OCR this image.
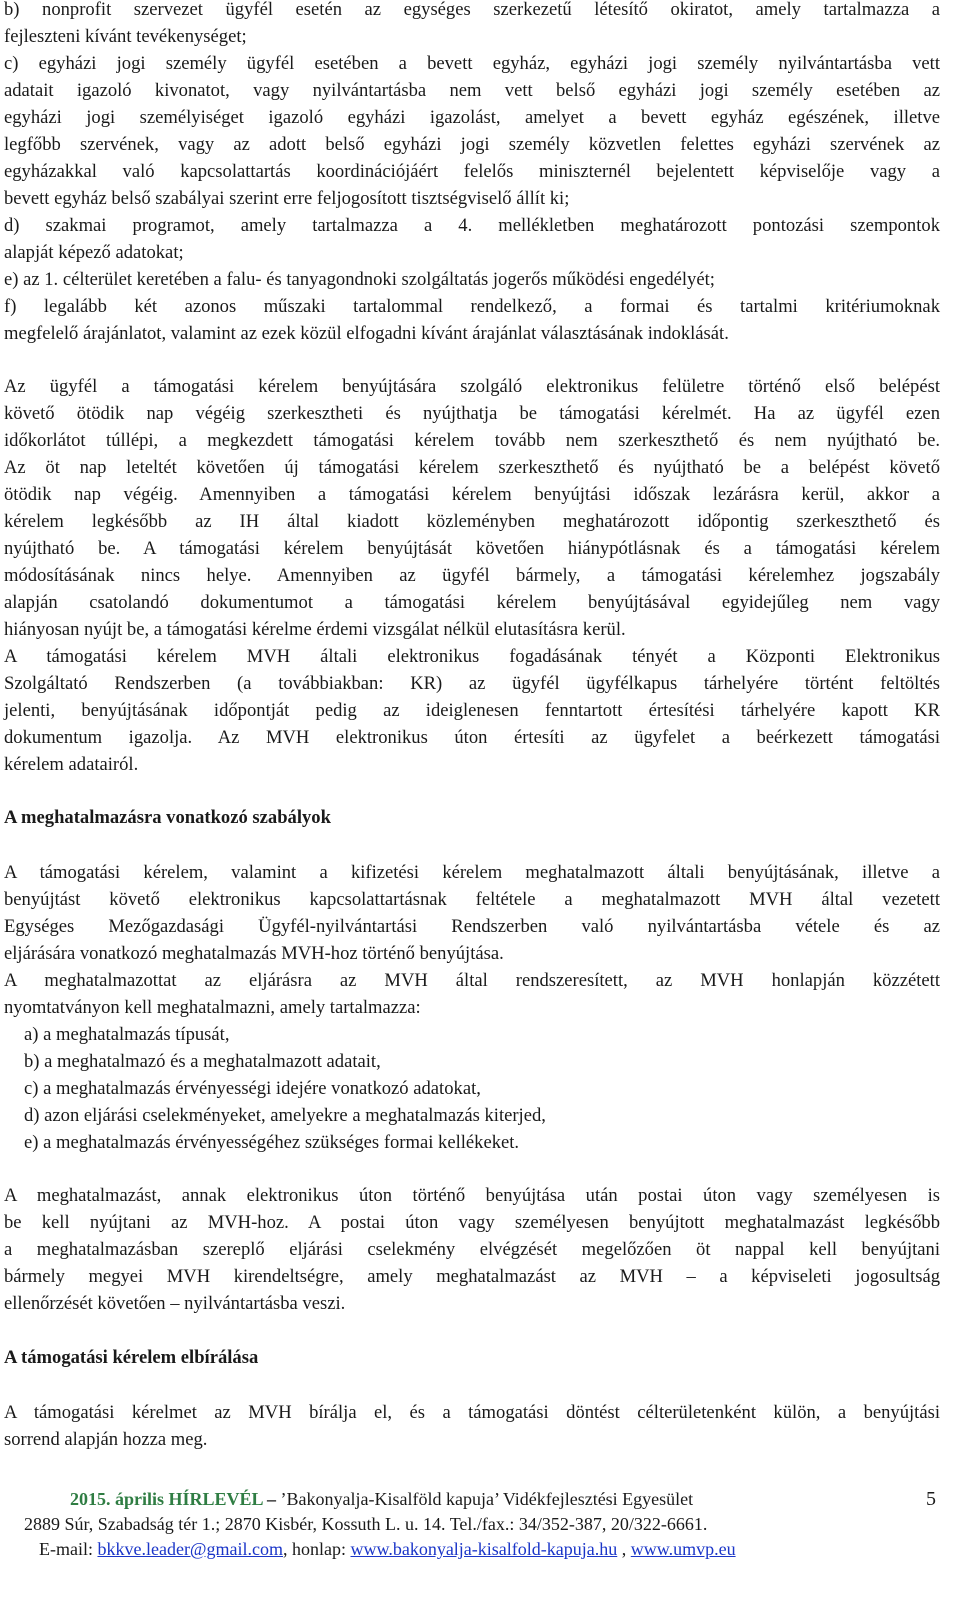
b) nonprofit szervezet ügyfél esetén az egységes szerkezetű létesítő okiratot, amely tartalmazza a
fejleszteni kívánt tevékenységet;
c) egyházi jogi személy ügyfél esetében a bevett egyház, egyházi jogi személy nyilvántartásba vett
adatait igazoló kivonatot, vagy nyilvántartásba nem vett belső egyházi jogi személy esetében az
egyházi jogi személyiséget igazoló egyházi igazolást, amelyet a bevett egyház egészének, illetve
legfőbb szervének, vagy az adott belső egyházi jogi személy közvetlen felettes egyházi szervének az
egyházakkal való kapcsolattartás koordinációjáért felelős miniszternél bejelentett képviselője vagy a
bevett egyház belső szabályai szerint erre feljogosított tisztségviselő állít ki;
d) szakmai programot, amely tartalmazza a 4. mellékletben meghatározott pontozási szempontok
alapját képező adatokat;
e) az 1. célterület keretében a falu- és tanyagondnoki szolgáltatás jogerős működési engedélyét;
f) legalább két azonos műszaki tartalommal rendelkező, a formai és tartalmi kritériumoknak
megfelelő árajánlatot, valamint az ezek közül elfogadni kívánt árajánlat választásának indoklását.
Az ügyfél a támogatási kérelem benyújtására szolgáló elektronikus felületre történő első belépést
követő ötödik nap végéig szerkesztheti és nyújthatja be támogatási kérelmét. Ha az ügyfél ezen
időkorlátot túllépi, a megkezdett támogatási kérelem tovább nem szerkeszthető és nem nyújtható be.
Az öt nap leteltét követően új támogatási kérelem szerkeszthető és nyújtható be a belépést követő
ötödik nap végéig. Amennyiben a támogatási kérelem benyújtási időszak lezárásra kerül, akkor a
kérelem legkésőbb az IH által kiadott közleményben meghatározott időpontig szerkeszthető és
nyújtható be. A támogatási kérelem benyújtását követően hiánypótlásnak és a támogatási kérelem
módosításának nincs helye. Amennyiben az ügyfél bármely, a támogatási kérelemhez jogszabály
alapján csatolandó dokumentumot a támogatási kérelem benyújtásával egyidejűleg nem vagy
hiányosan nyújt be, a támogatási kérelme érdemi vizsgálat nélkül elutasításra kerül.
A támogatási kérelem MVH általi elektronikus fogadásának tényét a Központi Elektronikus
Szolgáltató Rendszerben (a továbbiakban: KR) az ügyfél ügyfélkapus tárhelyére történt feltöltés
jelenti, benyújtásának időpontját pedig az ideiglenesen fenntartott értesítési tárhelyére kapott KR
dokumentum igazolja. Az MVH elektronikus úton értesíti az ügyfelet a beérkezett támogatási
kérelem adatairól.
A meghatalmazásra vonatkozó szabályok
A támogatási kérelem, valamint a kifizetési kérelem meghatalmazott általi benyújtásának, illetve a
benyújtást követő elektronikus kapcsolattartásnak feltétele a meghatalmazott MVH által vezetett
Egységes Mezőgazdasági Ügyfél-nyilvántartási Rendszerben való nyilvántartásba vétele és az
eljárására vonatkozó meghatalmazás MVH-hoz történő benyújtása.
A meghatalmazottat az eljárásra az MVH által rendszeresített, az MVH honlapján közzétett
nyomtatványon kell meghatalmazni, amely tartalmazza:
a) a meghatalmazás típusát,
b) a meghatalmazó és a meghatalmazott adatait,
c) a meghatalmazás érvényességi idejére vonatkozó adatokat,
d) azon eljárási cselekményeket, amelyekre a meghatalmazás kiterjed,
e) a meghatalmazás érvényességéhez szükséges formai kellékeket.
A meghatalmazást, annak elektronikus úton történő benyújtása után postai úton vagy személyesen is
be kell nyújtani az MVH-hoz. A postai úton vagy személyesen benyújtott meghatalmazást legkésőbb
a meghatalmazásban szereplő eljárási cselekmény elvégzését megelőzően öt nappal kell benyújtani
bármely megyei MVH kirendeltségre, amely meghatalmazást az MVH – a képviseleti jogosultság
ellenőrzését követően – nyilvántartásba veszi.
A támogatási kérelem elbírálása
A támogatási kérelmet az MVH bírálja el, és a támogatási döntést célterületenként külön, a benyújtási
sorrend alapján hozza meg.
2015. április HÍRLEVÉL – ’Bakonyalja-Kisalföld kapuja’ Vidékfejlesztési Egyesület	5
2889 Súr, Szabadság tér 1.; 2870 Kisbér, Kossuth L. u. 14. Tel./fax.: 34/352-387, 20/322-6661.
E-mail: bkkve.leader@gmail.com, honlap: www.bakonyalja-kisalfold-kapuja.hu , www.umvp.eu
